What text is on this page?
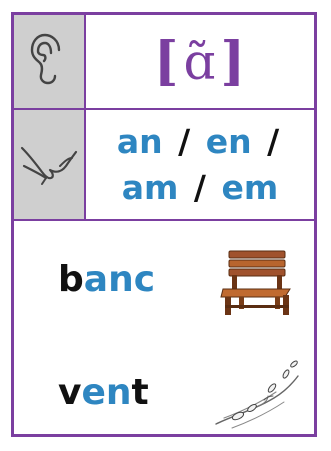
[ ɑ̃ ]
an / en /
am / em
banc
vent
